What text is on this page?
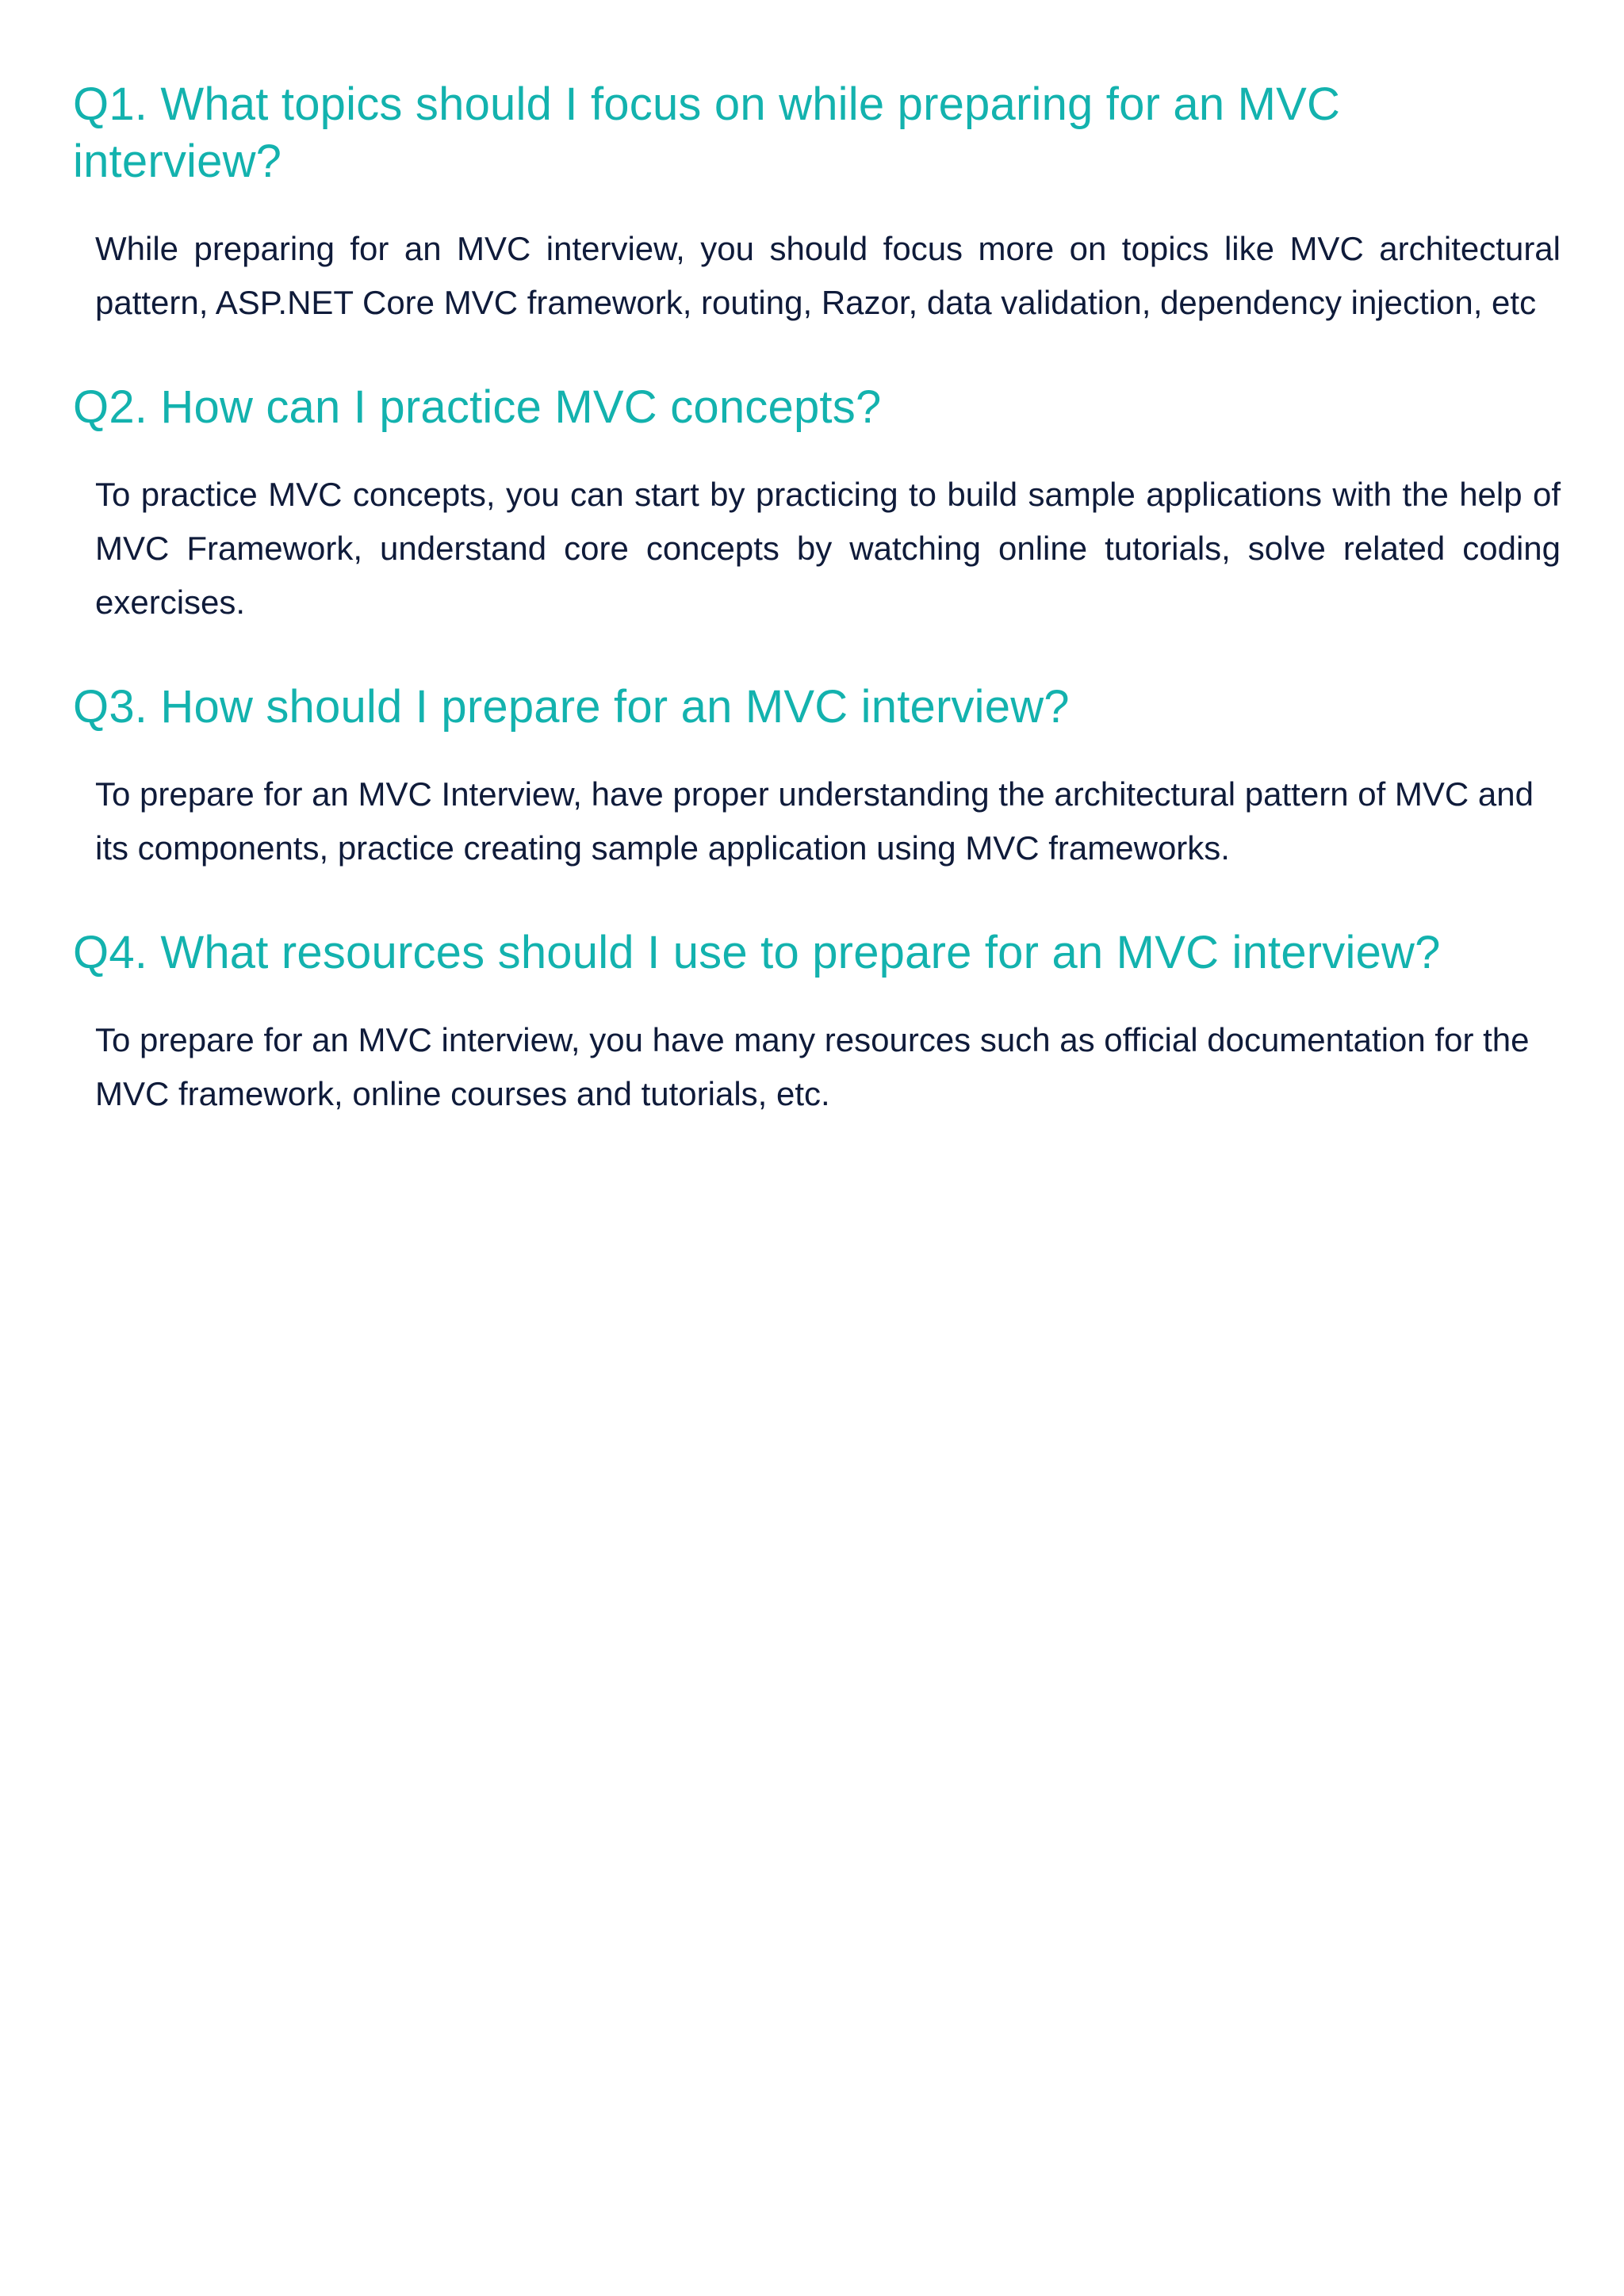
Q1. What topics should I focus on while preparing for an MVC interview?

While preparing for an MVC interview, you should focus more on topics like MVC architectural pattern, ASP.NET Core MVC framework, routing, Razor, data validation, dependency injection, etc

Q2. How can I practice MVC concepts?

To practice MVC concepts, you can start by practicing to build sample applications with the help of MVC Framework, understand core concepts by watching online tutorials, solve related coding exercises.

Q3. How should I prepare for an MVC interview?

To prepare for an MVC Interview, have proper understanding the architectural pattern of MVC and its components, practice creating sample application using MVC frameworks.

Q4. What resources should I use to prepare for an MVC interview?

To prepare for an MVC interview, you have many resources such as official documentation for the MVC framework, online courses and tutorials, etc.
